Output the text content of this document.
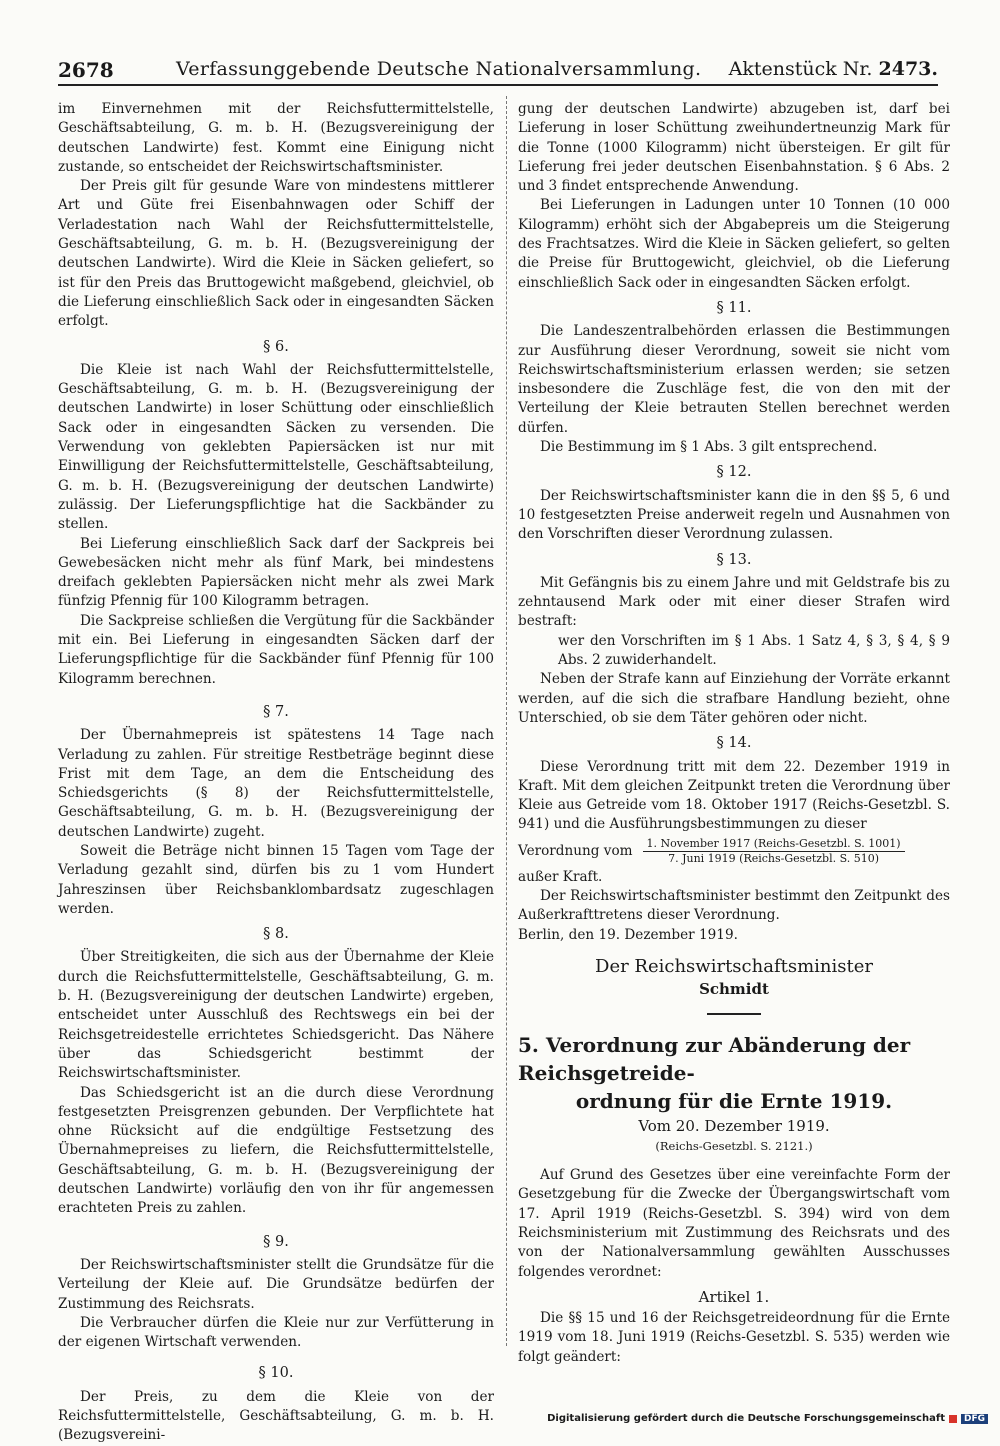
2678	Verfassunggebende Deutsche Nationalversammlung. Aktenstück Nr. 2473.

im Einvernehmen mit der Reichsfuttermittelstelle, Geschäftsabteilung, G. m. b. H. (Bezugsvereinigung der deutschen Landwirte) fest. Kommt eine Einigung nicht zustande, so entscheidet der Reichswirtschaftsminister.

Der Preis gilt für gesunde Ware von mindestens mittlerer Art und Güte frei Eisenbahnwagen oder Schiff der Verladestation nach Wahl der Reichsfuttermittelstelle, Geschäftsabteilung, G. m. b. H. (Bezugsvereinigung der deutschen Landwirte). Wird die Kleie in Säcken geliefert, so ist für den Preis das Bruttogewicht maßgebend, gleichviel, ob die Lieferung einschließlich Sack oder in eingesandten Säcken erfolgt.

§ 6.

Die Kleie ist nach Wahl der Reichsfuttermittelstelle, Geschäftsabteilung, G. m. b. H. (Bezugsvereinigung der deutschen Landwirte) in loser Schüttung oder einschließlich Sack oder in eingesandten Säcken zu versenden. Die Verwendung von geklebten Papiersäcken ist nur mit Einwilligung der Reichsfuttermittelstelle, Geschäftsabteilung, G. m. b. H. (Bezugsvereinigung der deutschen Landwirte) zulässig. Der Lieferungspflichtige hat die Sackbänder zu stellen.

Bei Lieferung einschließlich Sack darf der Sackpreis bei Gewebesäcken nicht mehr als fünf Mark, bei mindestens dreifach geklebten Papiersäcken nicht mehr als zwei Mark fünfzig Pfennig für 100 Kilogramm betragen.

Die Sackpreise schließen die Vergütung für die Sackbänder mit ein. Bei Lieferung in eingesandten Säcken darf der Lieferungspflichtige für die Sackbänder fünf Pfennig für 100 Kilogramm berechnen.

§ 7.

Der Übernahmepreis ist spätestens 14 Tage nach Verladung zu zahlen. Für streitige Restbeträge beginnt diese Frist mit dem Tage, an dem die Entscheidung des Schiedsgerichts (§ 8) der Reichsfuttermittelstelle, Geschäftsabteilung, G. m. b. H. (Bezugsvereinigung der deutschen Landwirte) zugeht.

Soweit die Beträge nicht binnen 15 Tagen vom Tage der Verladung gezahlt sind, dürfen bis zu 1 vom Hundert Jahreszinsen über Reichsbanklombardsatz zugeschlagen werden.

§ 8.

Über Streitigkeiten, die sich aus der Übernahme der Kleie durch die Reichsfuttermittelstelle, Geschäftsabteilung, G. m. b. H. (Bezugsvereinigung der deutschen Landwirte) ergeben, entscheidet unter Ausschluß des Rechtswegs ein bei der Reichsgetreidestelle errichtetes Schiedsgericht. Das Nähere über das Schiedsgericht bestimmt der Reichswirtschaftsminister.

Das Schiedsgericht ist an die durch diese Verordnung festgesetzten Preisgrenzen gebunden. Der Verpflichtete hat ohne Rücksicht auf die endgültige Festsetzung des Übernahmepreises zu liefern, die Reichsfuttermittelstelle, Geschäftsabteilung, G. m. b. H. (Bezugsvereinigung der deutschen Landwirte) vorläufig den von ihr für angemessen erachteten Preis zu zahlen.

§ 9.

Der Reichswirtschaftsminister stellt die Grundsätze für die Verteilung der Kleie auf. Die Grundsätze bedürfen der Zustimmung des Reichsrats.

Die Verbraucher dürfen die Kleie nur zur Verfütterung in der eigenen Wirtschaft verwenden.

§ 10.

Der Preis, zu dem die Kleie von der Reichsfuttermittelstelle, Geschäftsabteilung, G. m. b. H. (Bezugsvereini-

gung der deutschen Landwirte) abzugeben ist, darf bei Lieferung in loser Schüttung zweihundertneunzig Mark für die Tonne (1000 Kilogramm) nicht übersteigen. Er gilt für Lieferung frei jeder deutschen Eisenbahnstation. § 6 Abs. 2 und 3 findet entsprechende Anwendung.

Bei Lieferungen in Ladungen unter 10 Tonnen (10 000 Kilogramm) erhöht sich der Abgabepreis um die Steigerung des Frachtsatzes. Wird die Kleie in Säcken geliefert, so gelten die Preise für Bruttogewicht, gleichviel, ob die Lieferung einschließlich Sack oder in eingesandten Säcken erfolgt.

§ 11.

Die Landeszentralbehörden erlassen die Bestimmungen zur Ausführung dieser Verordnung, soweit sie nicht vom Reichswirtschaftsministerium erlassen werden; sie setzen insbesondere die Zuschläge fest, die von den mit der Verteilung der Kleie betrauten Stellen berechnet werden dürfen.

Die Bestimmung im § 1 Abs. 3 gilt entsprechend.

§ 12.

Der Reichswirtschaftsminister kann die in den §§ 5, 6 und 10 festgesetzten Preise anderweit regeln und Ausnahmen von den Vorschriften dieser Verordnung zulassen.

§ 13.

Mit Gefängnis bis zu einem Jahre und mit Geldstrafe bis zu zehntausend Mark oder mit einer dieser Strafen wird bestraft:

wer den Vorschriften im § 1 Abs. 1 Satz 4, § 3, § 4, § 9 Abs. 2 zuwiderhandelt.

Neben der Strafe kann auf Einziehung der Vorräte erkannt werden, auf die sich die strafbare Handlung bezieht, ohne Unterschied, ob sie dem Täter gehören oder nicht.

§ 14.

Diese Verordnung tritt mit dem 22. Dezember 1919 in Kraft. Mit dem gleichen Zeitpunkt treten die Verordnung über Kleie aus Getreide vom 18. Oktober 1917 (Reichs-Gesetzbl. S. 941) und die Ausführungsbestimmungen zu dieser

Verordnung vom $\frac{\text{1. November 1917 (Reichs-Gesetzbl. S. 1001)}}{\text{7. Juni 1919 (Reichs-Gesetzbl. S. 510)}}$

außer Kraft.

Der Reichswirtschaftsminister bestimmt den Zeitpunkt des Außerkrafttretens dieser Verordnung.

Berlin, den 19. Dezember 1919.

Der Reichswirtschaftsminister
Schmidt
5. Verordnung zur Abänderung der Reichsgetreide-
ordnung für die Ernte 1919.
Vom 20. Dezember 1919.
(Reichs-Gesetzbl. S. 2121.)

Auf Grund des Gesetzes über eine vereinfachte Form der Gesetzgebung für die Zwecke der Übergangswirtschaft vom 17. April 1919 (Reichs-Gesetzbl. S. 394) wird von dem Reichsministerium mit Zustimmung des Reichsrats und des von der Nationalversammlung gewählten Ausschusses folgendes verordnet:

Artikel 1.

Die §§ 15 und 16 der Reichsgetreideordnung für die Ernte 1919 vom 18. Juni 1919 (Reichs-Gesetzbl. S. 535) werden wie folgt geändert:

Digitalisierung gefördert durch die Deutsche Forschungsgemeinschaft	DFG
